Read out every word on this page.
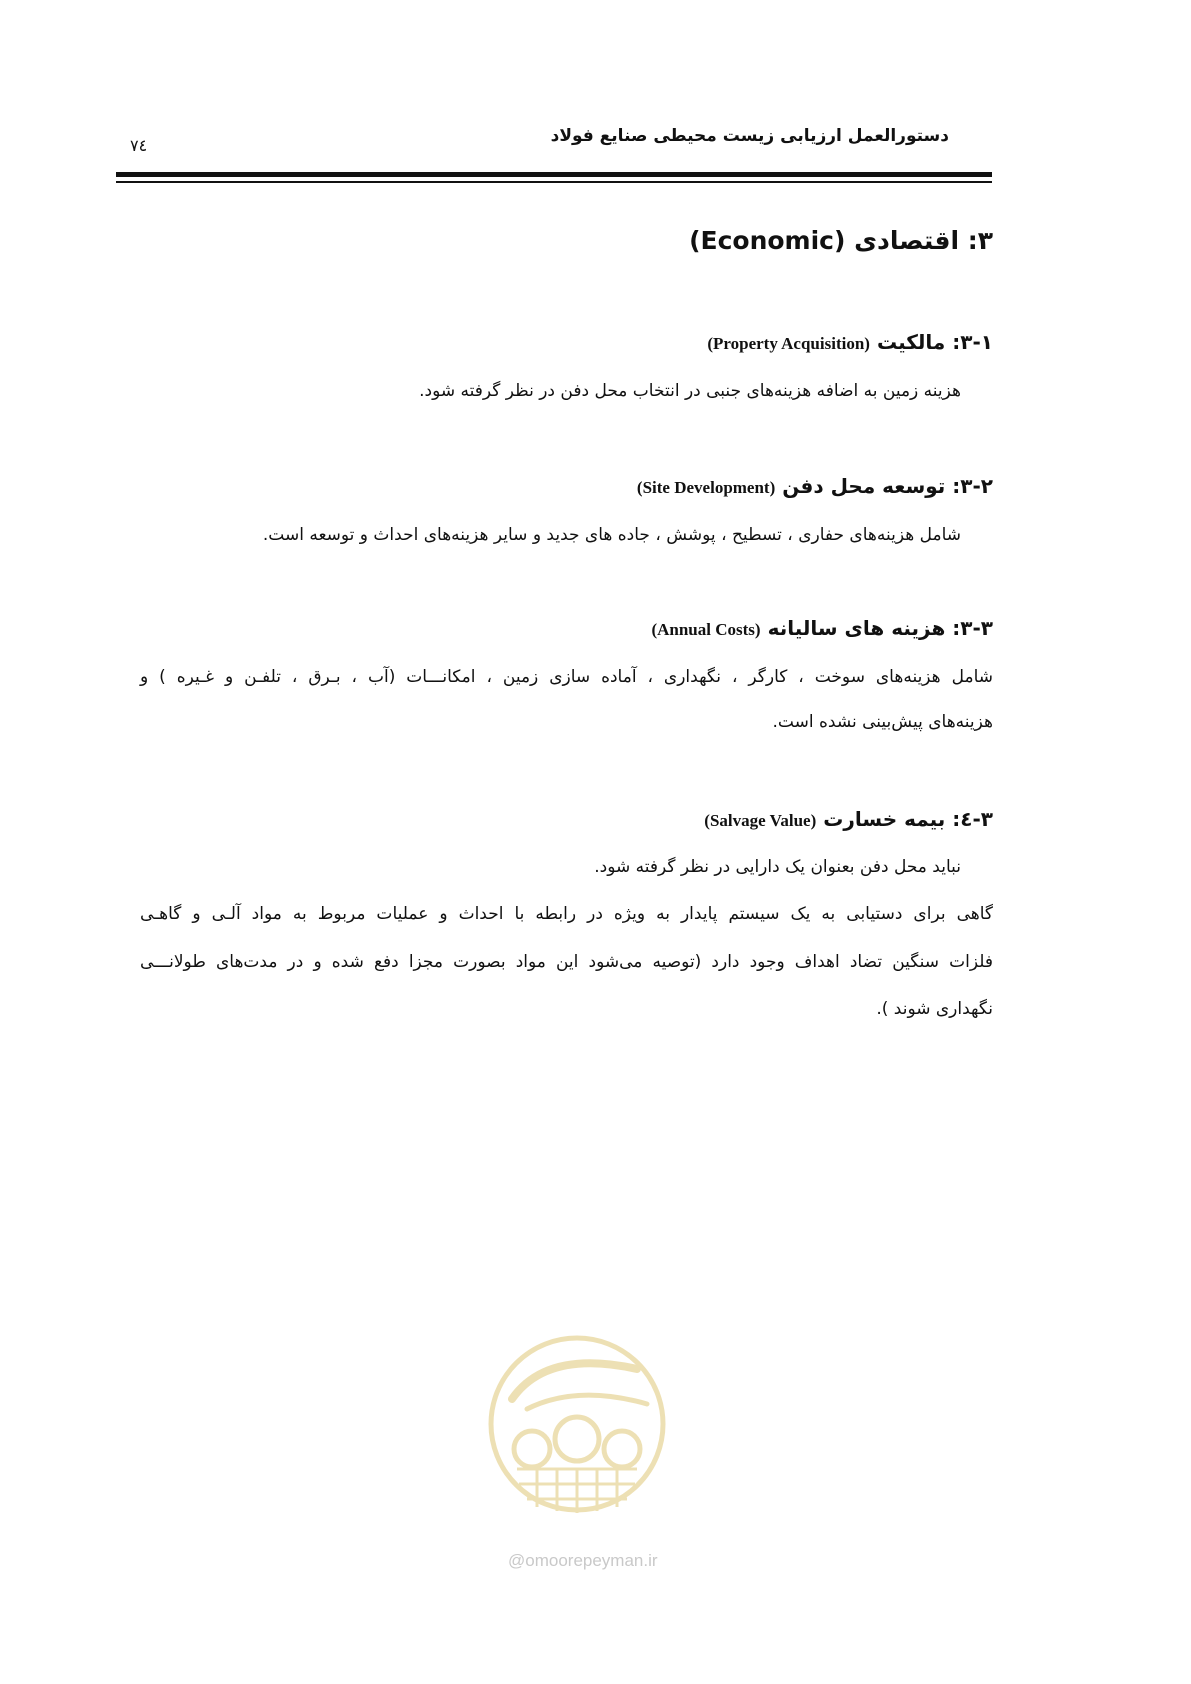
دستورالعمل ارزیابی زیست محیطی صنایع فولاد
۷٤
۳: اقتصادی (Economic)
۳-۱: مالکیت (Property Acquisition)
هزینه زمین به اضافه هزینه‌های جنبی در انتخاب محل دفن در نظر گرفته شود.
۳-۲: توسعه محل دفن (Site Development)
شامل هزینه‌های حفاری ، تسطیح ، پوشش ، جاده های جدید و سایر هزینه‌های احداث و توسعه است.
۳-۳: هزینه های سالیانه (Annual Costs)
شامل هزینه‌های سوخت ، کارگر ، نگهداری ، آماده سازی زمین ، امکانـــات (آب ، بـرق ، تلفـن و غـیره ) و
هزینه‌های پیش‌بینی نشده است.
۳-٤: بیمه خسارت (Salvage Value)
نباید محل دفن بعنوان یک دارایی در نظر گرفته شود.
گاهی برای دستیابی به یک سیستم پایدار به ویژه در رابطه با احداث و عملیات مربوط به مواد آلـی و گاهـی
فلزات سنگین تضاد اهداف وجود دارد (توصیه می‌شود این مواد بصورت مجزا دفع شده و در مدت‌های طولانـــی
نگهداری شوند ).
@omoorepeyman.ir
